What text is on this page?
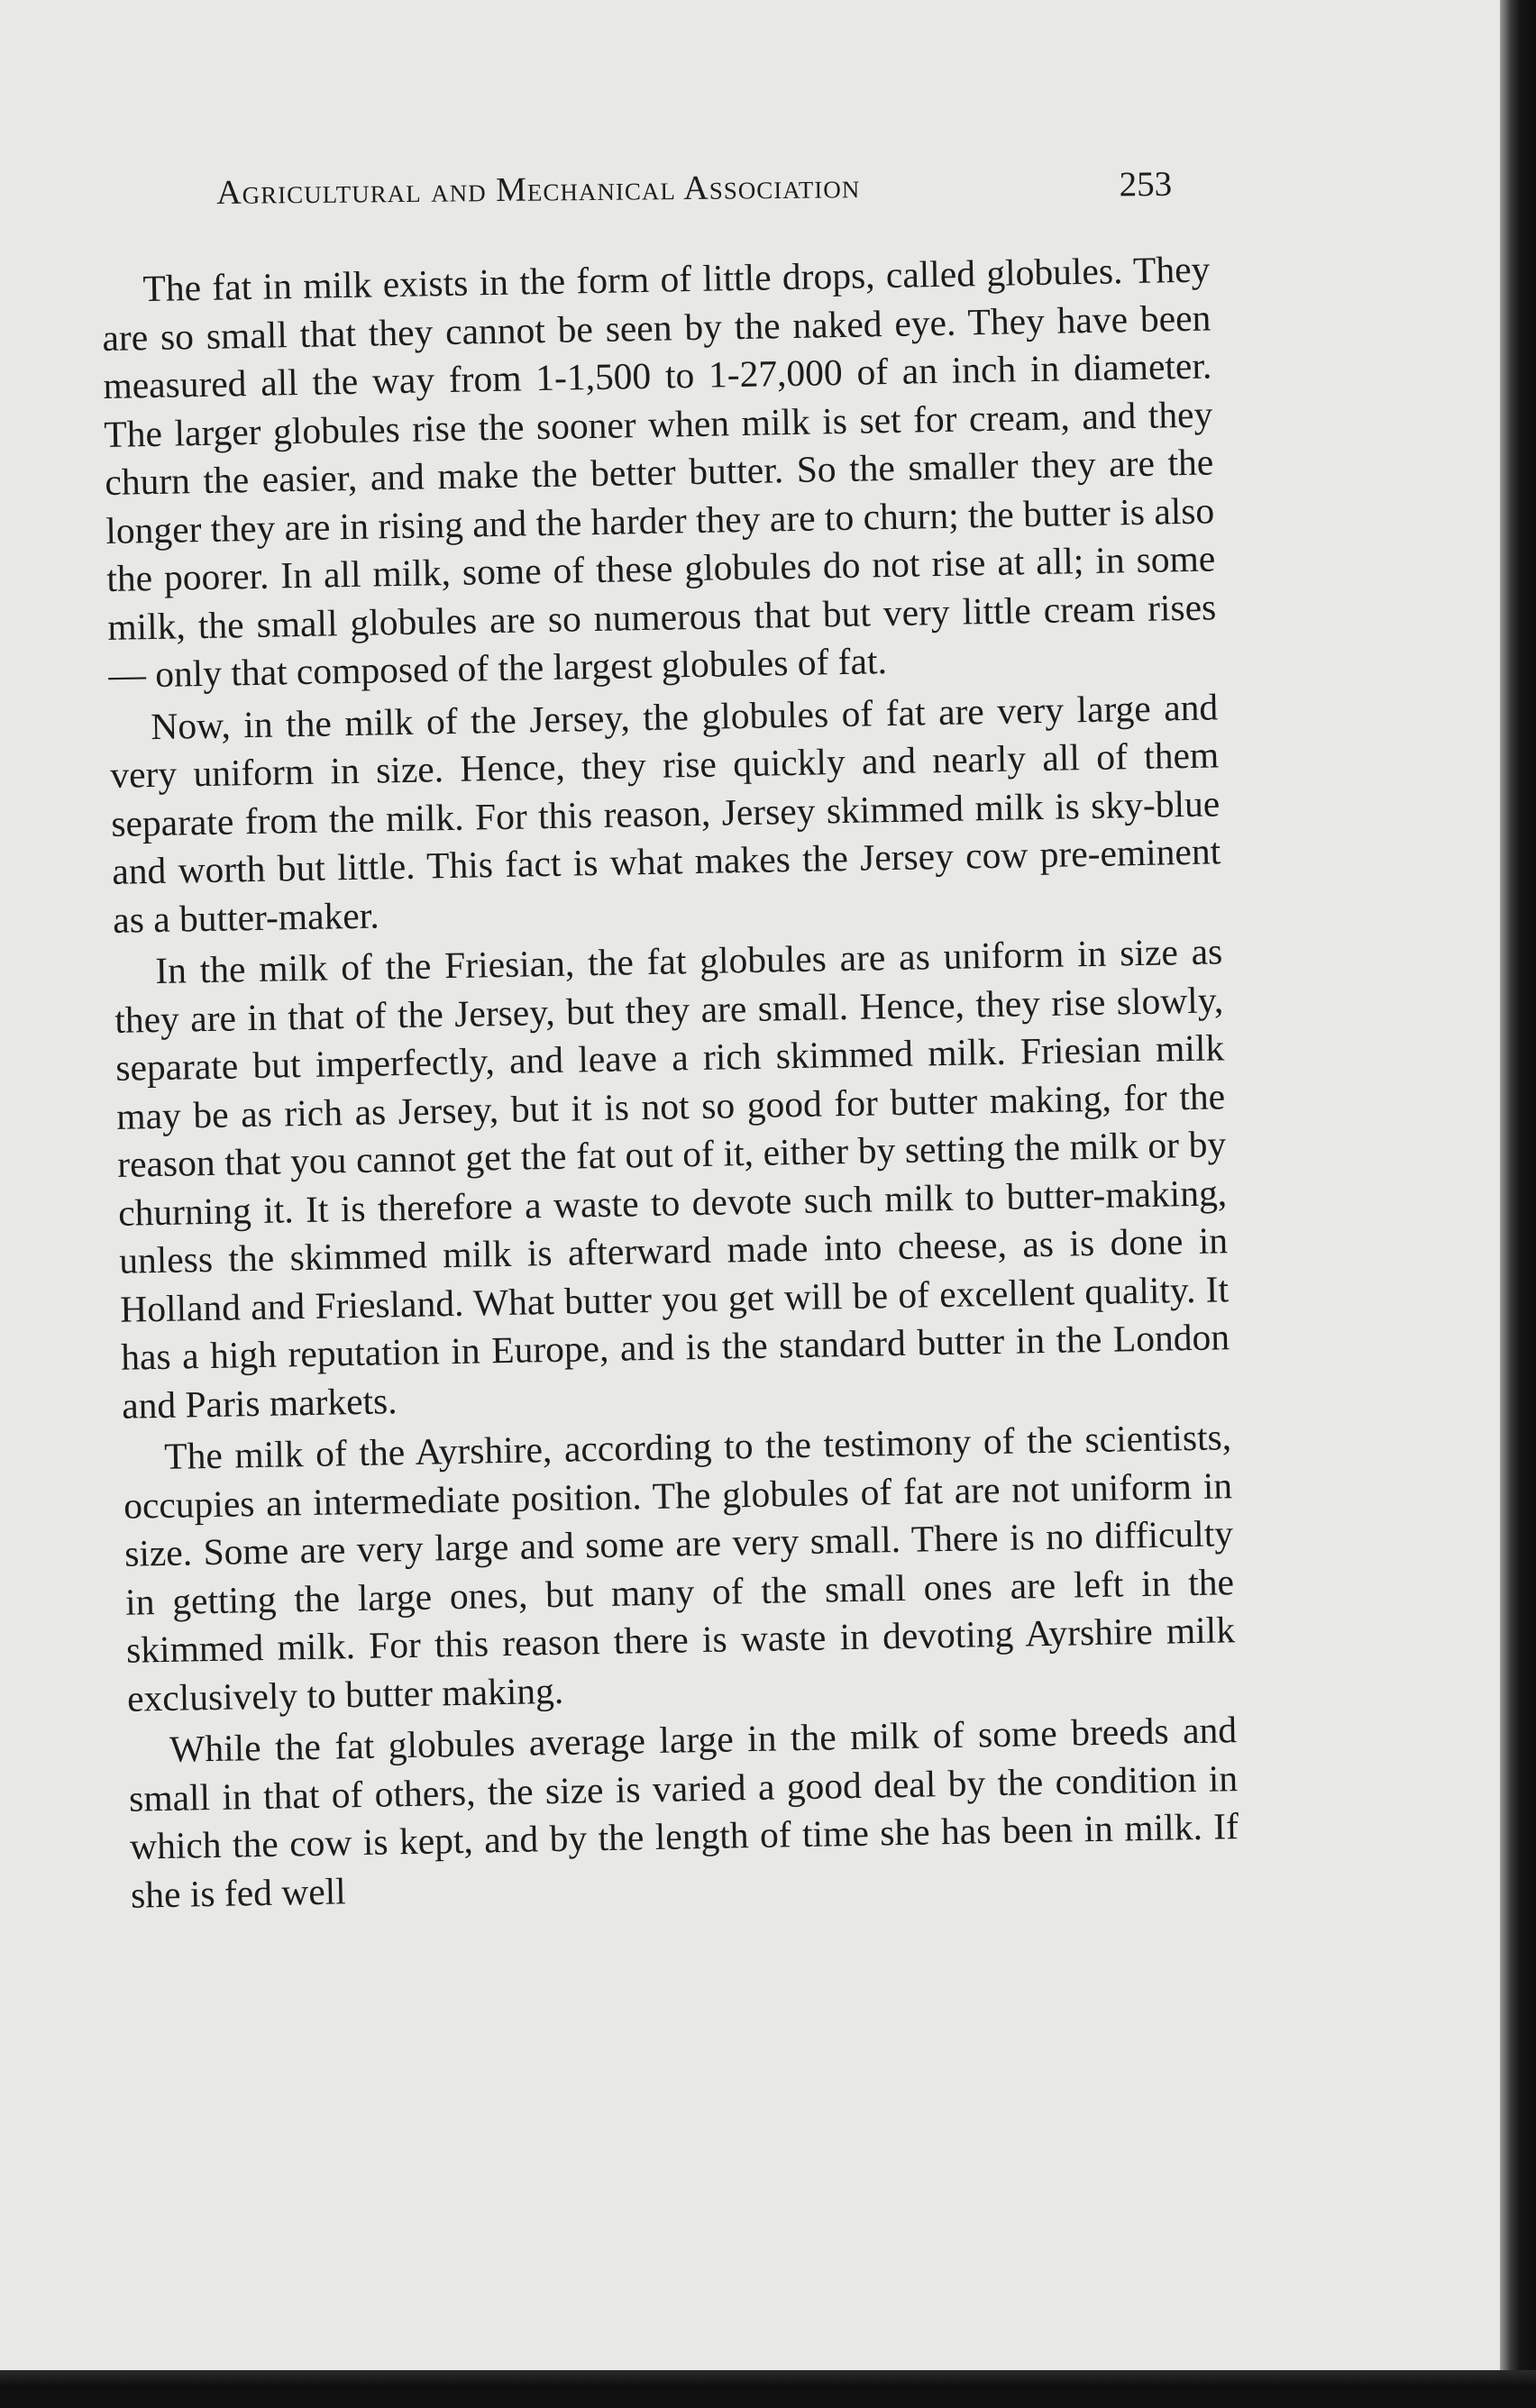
Agricultural and Mechanical Association	253

The fat in milk exists in the form of little drops, called globules. They are so small that they cannot be seen by the naked eye. They have been measured all the way from 1-1,500 to 1-27,000 of an inch in diameter. The larger globules rise the sooner when milk is set for cream, and they churn the easier, and make the better butter. So the smaller they are the longer they are in rising and the harder they are to churn; the butter is also the poorer. In all milk, some of these globules do not rise at all; in some milk, the small globules are so numerous that but very little cream rises — only that composed of the largest globules of fat.

Now, in the milk of the Jersey, the globules of fat are very large and very uniform in size. Hence, they rise quickly and nearly all of them separate from the milk. For this reason, Jersey skimmed milk is sky-blue and worth but little. This fact is what makes the Jersey cow pre-eminent as a butter-maker.

In the milk of the Friesian, the fat globules are as uniform in size as they are in that of the Jersey, but they are small. Hence, they rise slowly, separate but imperfectly, and leave a rich skimmed milk. Friesian milk may be as rich as Jersey, but it is not so good for butter making, for the reason that you cannot get the fat out of it, either by setting the milk or by churning it. It is therefore a waste to devote such milk to butter-making, unless the skimmed milk is afterward made into cheese, as is done in Holland and Friesland. What butter you get will be of excellent quality. It has a high reputation in Europe, and is the standard butter in the London and Paris markets.

The milk of the Ayrshire, according to the testimony of the scientists, occupies an intermediate position. The globules of fat are not uniform in size. Some are very large and some are very small. There is no difficulty in getting the large ones, but many of the small ones are left in the skimmed milk. For this reason there is waste in devoting Ayrshire milk exclusively to butter making.

While the fat globules average large in the milk of some breeds and small in that of others, the size is varied a good deal by the condition in which the cow is kept, and by the length of time she has been in milk. If she is fed well
